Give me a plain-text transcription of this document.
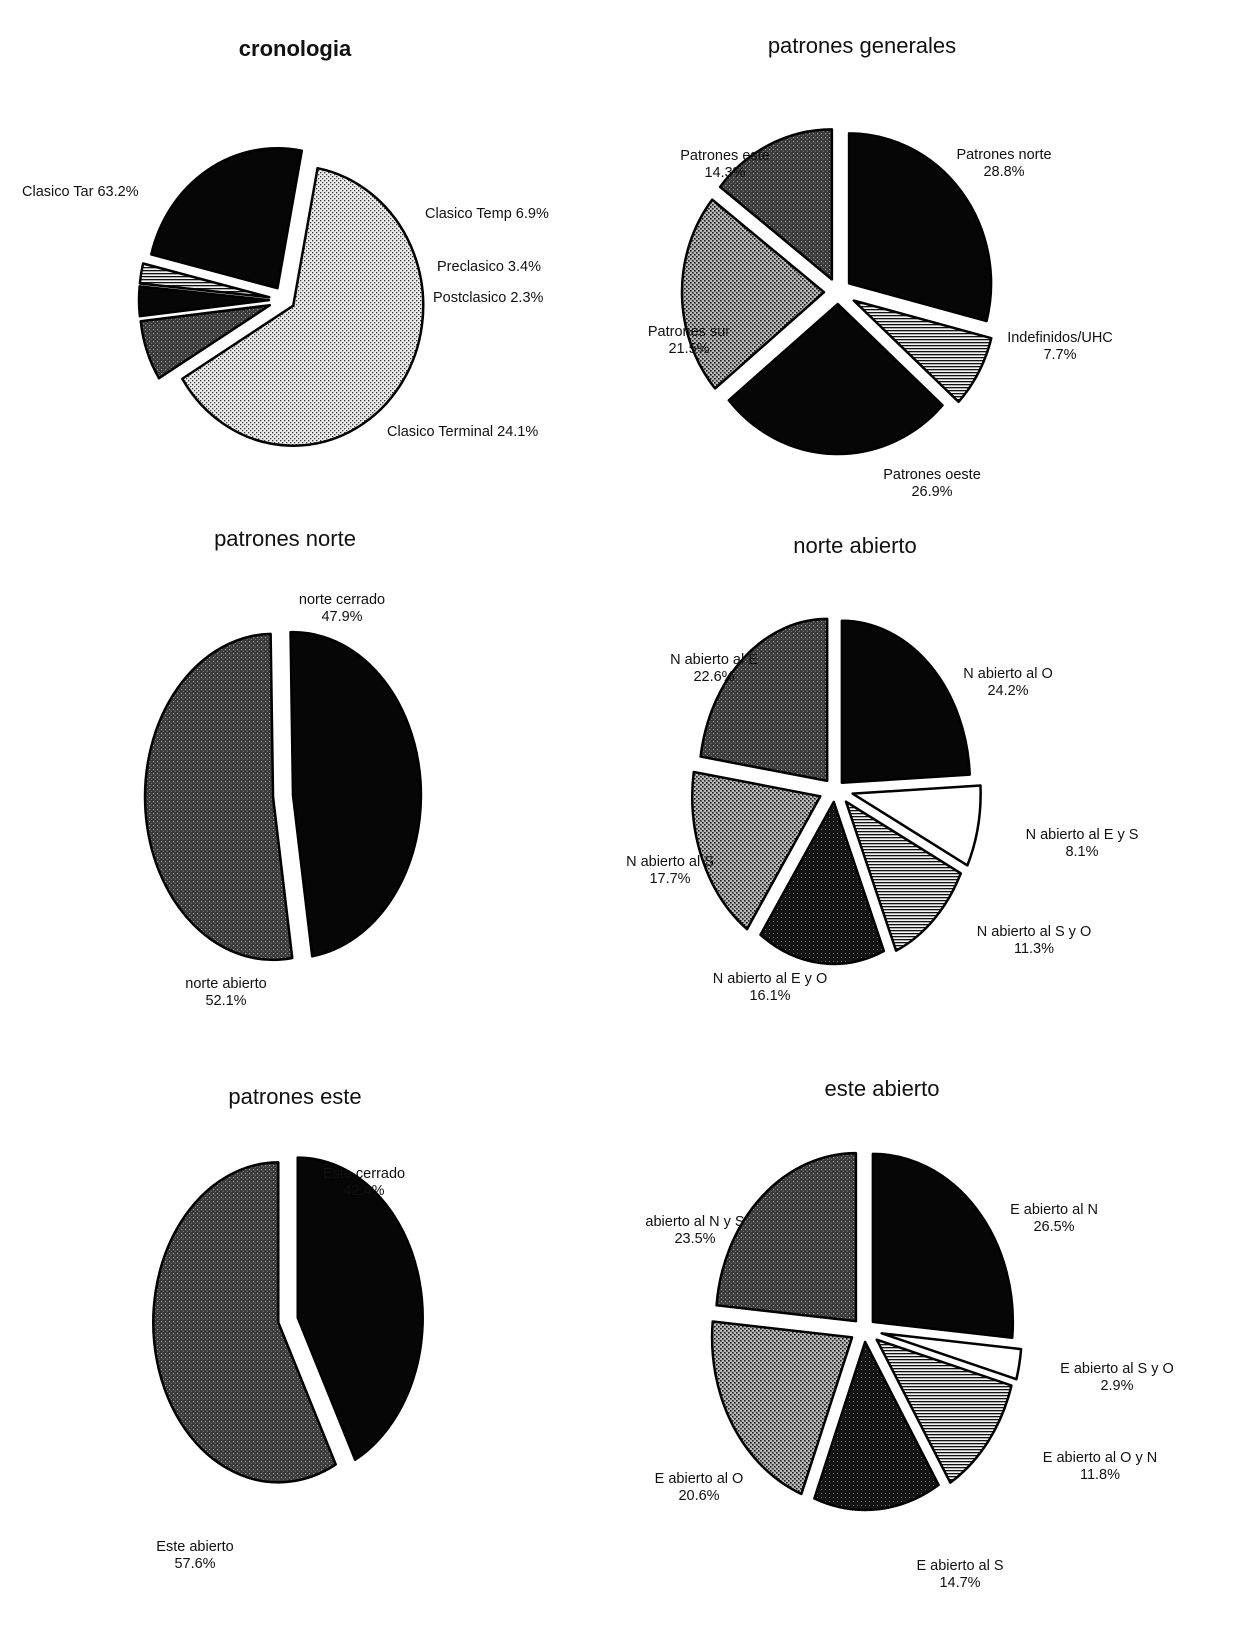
cronologia
Clasico Tar 63.2%
Clasico Temp 6.9%
Preclasico 3.4%
Postclasico 2.3%
Clasico Terminal 24.1%
patrones generales
Patrones norte 28.8%
Indefinidos/UHC 7.7%
Patrones oeste 26.9%
Patrones sur 21.5%
Patrones este 14.3%
patrones norte
norte cerrado 47.9%
norte abierto 52.1%
norte abierto
N abierto al O 24.2%
N abierto al E y S 8.1%
N abierto al S y O 11.3%
N abierto al E y O 16.1%
N abierto al S 17.7%
N abierto al E 22.6%
patrones este
Este cerrado 42.4%
Este abierto 57.6%
este abierto
E abierto al N 26.5%
E abierto al S y O 2.9%
E abierto al O y N 11.8%
E abierto al S 14.7%
E abierto al O 20.6%
abierto al N y S 23.5%
